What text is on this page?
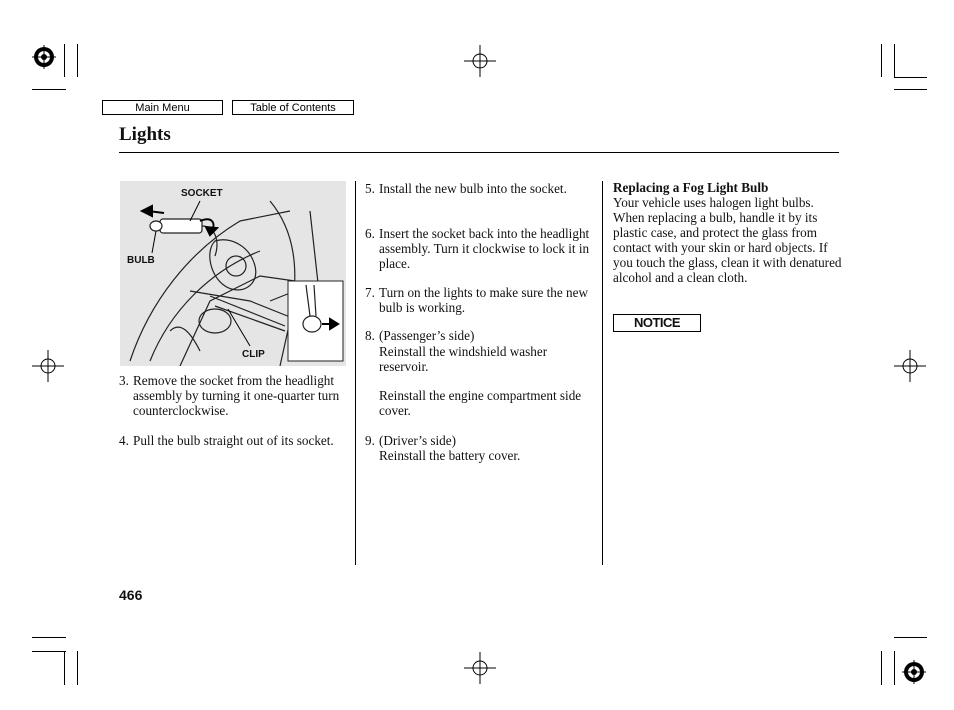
Main Menu	Table of Contents
Lights
SOCKET
BULB
CLIP

3. Remove the socket from the headlight assembly by turning it one-quarter turn counterclockwise.

4. Pull the bulb straight out of its socket.

5. Install the new bulb into the socket.

6. Insert the socket back into the headlight assembly. Turn it clockwise to lock it in place.

7. Turn on the lights to make sure the new bulb is working.

8. (Passenger’s side)

Reinstall the windshield washer reservoir.

Reinstall the engine compartment side cover.

9. (Driver’s side)

Reinstall the battery cover.

Replacing a Fog Light Bulb
Your vehicle uses halogen light bulbs. When replacing a bulb, handle it by its plastic case, and protect the glass from contact with your skin or hard objects. If you touch the glass, clean it with denatured alcohol and a clean cloth.
NOTICE
466
